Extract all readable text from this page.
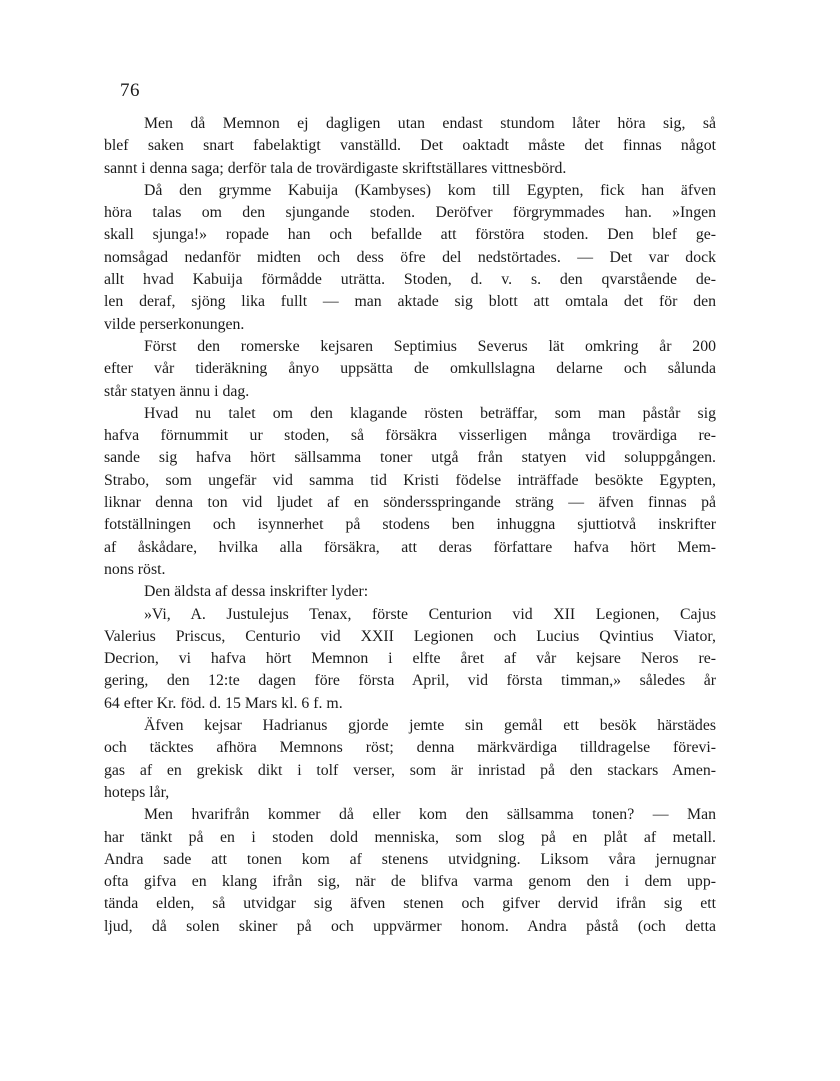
76
Men då Memnon ej dagligen utan endast stundom låter höra sig, så
blef saken snart fabelaktigt vanställd. Det oaktadt måste det finnas något
sannt i denna saga; derför tala de trovärdigaste skriftställares vittnesbörd.
Då den grymme Kabuija (Kambyses) kom till Egypten, fick han äfven
höra talas om den sjungande stoden. Deröfver förgrymmades han. »Ingen
skall sjunga!» ropade han och befallde att förstöra stoden. Den blef ge-
nomsågad nedanför midten och dess öfre del nedstörtades. — Det var dock
allt hvad Kabuija förmådde uträtta. Stoden, d. v. s. den qvarstående de-
len deraf, sjöng lika fullt — man aktade sig blott att omtala det för den
vilde perserkonungen.
Först den romerske kejsaren Septimius Severus lät omkring år 200
efter vår tideräkning ånyo uppsätta de omkullslagna delarne och sålunda
står statyen ännu i dag.
Hvad nu talet om den klagande rösten beträffar, som man påstår sig
hafva förnummit ur stoden, så försäkra visserligen många trovärdiga re-
sande sig hafva hört sällsamma toner utgå från statyen vid soluppgången.
Strabo, som ungefär vid samma tid Kristi födelse inträffade besökte Egypten,
liknar denna ton vid ljudet af en söndersspringande sträng — äfven finnas på
fotställningen och isynnerhet på stodens ben inhuggna sjuttiotvå inskrifter
af åskådare, hvilka alla försäkra, att deras författare hafva hört Mem-
nons röst.
Den äldsta af dessa inskrifter lyder:
»Vi, A. Justulejus Tenax, förste Centurion vid XII Legionen, Cajus
Valerius Priscus, Centurio vid XXII Legionen och Lucius Qvintius Viator,
Decrion, vi hafva hört Memnon i elfte året af vår kejsare Neros re-
gering, den 12:te dagen före första April, vid första timman,» således år
64 efter Kr. föd. d. 15 Mars kl. 6 f. m.
Äfven kejsar Hadrianus gjorde jemte sin gemål ett besök härstädes
och täcktes afhöra Memnons röst; denna märkvärdiga tilldragelse förevi-
gas af en grekisk dikt i tolf verser, som är inristad på den stackars Amen-
hoteps lår,
Men hvarifrån kommer då eller kom den sällsamma tonen? — Man
har tänkt på en i stoden dold menniska, som slog på en plåt af metall.
Andra sade att tonen kom af stenens utvidgning. Liksom våra jernugnar
ofta gifva en klang ifrån sig, när de blifva varma genom den i dem upp-
tända elden, så utvidgar sig äfven stenen och gifver dervid ifrån sig ett
ljud, då solen skiner på och uppvärmer honom. Andra påstå (och detta
